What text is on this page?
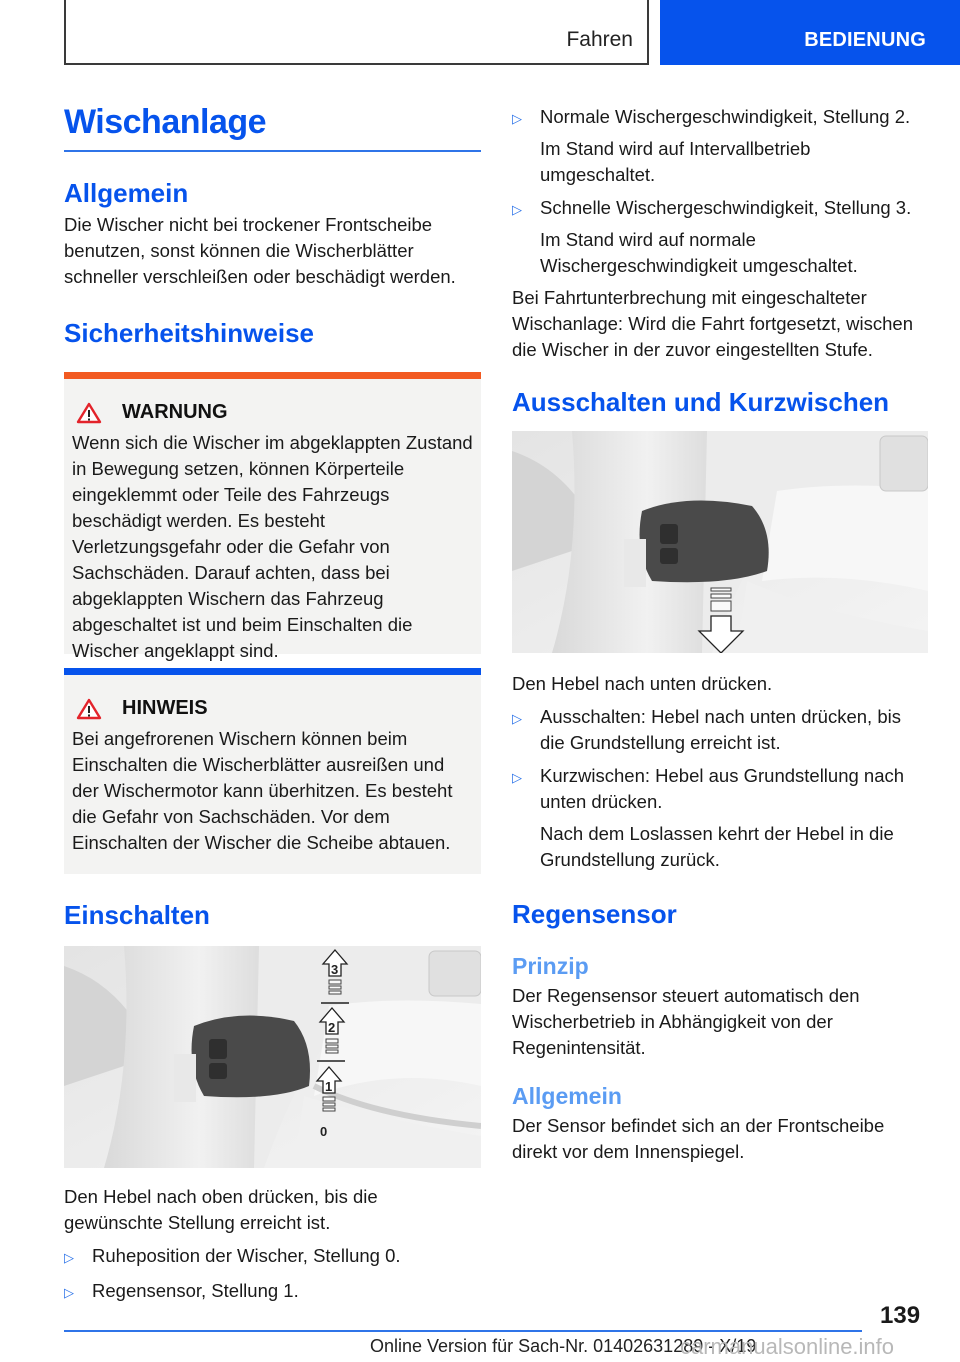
Fahren	BEDIENUNG
Wischanlage
Allgemein

Die Wischer nicht bei trockener Frontscheibe benutzen, sonst können die Wischerblätter schneller verschleißen oder beschädigt werden.

Sicherheitshinweise
WARNUNG

Wenn sich die Wischer im abgeklappten Zustand in Bewegung setzen, können Körperteile eingeklemmt oder Teile des Fahrzeugs beschädigt werden. Es besteht Verletzungsgefahr oder die Gefahr von Sachschäden. Darauf achten, dass bei abgeklappten Wischern das Fahrzeug abgeschaltet ist und beim Einschalten die Wischer angeklappt sind.

HINWEIS

Bei angefrorenen Wischern können beim Einschalten die Wischerblätter ausreißen und der Wischermotor kann überhitzen. Es besteht die Gefahr von Sachschäden. Vor dem Einschalten der Wischer die Scheibe abtauen.

Einschalten
3
2
1
0

Den Hebel nach oben drücken, bis die gewünschte Stellung erreicht ist.

▷ Ruheposition der Wischer, Stellung 0.

▷ Regensensor, Stellung 1.

▷ Normale Wischergeschwindigkeit, Stellung 2.

Im Stand wird auf Intervallbetrieb umgeschaltet.

▷ Schnelle Wischergeschwindigkeit, Stellung 3.

Im Stand wird auf normale Wischergeschwindigkeit umgeschaltet.

Bei Fahrtunterbrechung mit eingeschalteter Wischanlage: Wird die Fahrt fortgesetzt, wischen die Wischer in der zuvor eingestellten Stufe.

Ausschalten und Kurzwischen

Den Hebel nach unten drücken.

▷ Ausschalten: Hebel nach unten drücken, bis die Grundstellung erreicht ist.

▷ Kurzwischen: Hebel aus Grundstellung nach unten drücken.

Nach dem Loslassen kehrt der Hebel in die Grundstellung zurück.

Regensensor
Prinzip

Der Regensensor steuert automatisch den Wischerbetrieb in Abhängigkeit von der Regenintensität.

Allgemein

Der Sensor befindet sich an der Frontscheibe direkt vor dem Innenspiegel.

139
Online Version für Sach-Nr. 01402631289 - X/19
carmanualsonline.info
